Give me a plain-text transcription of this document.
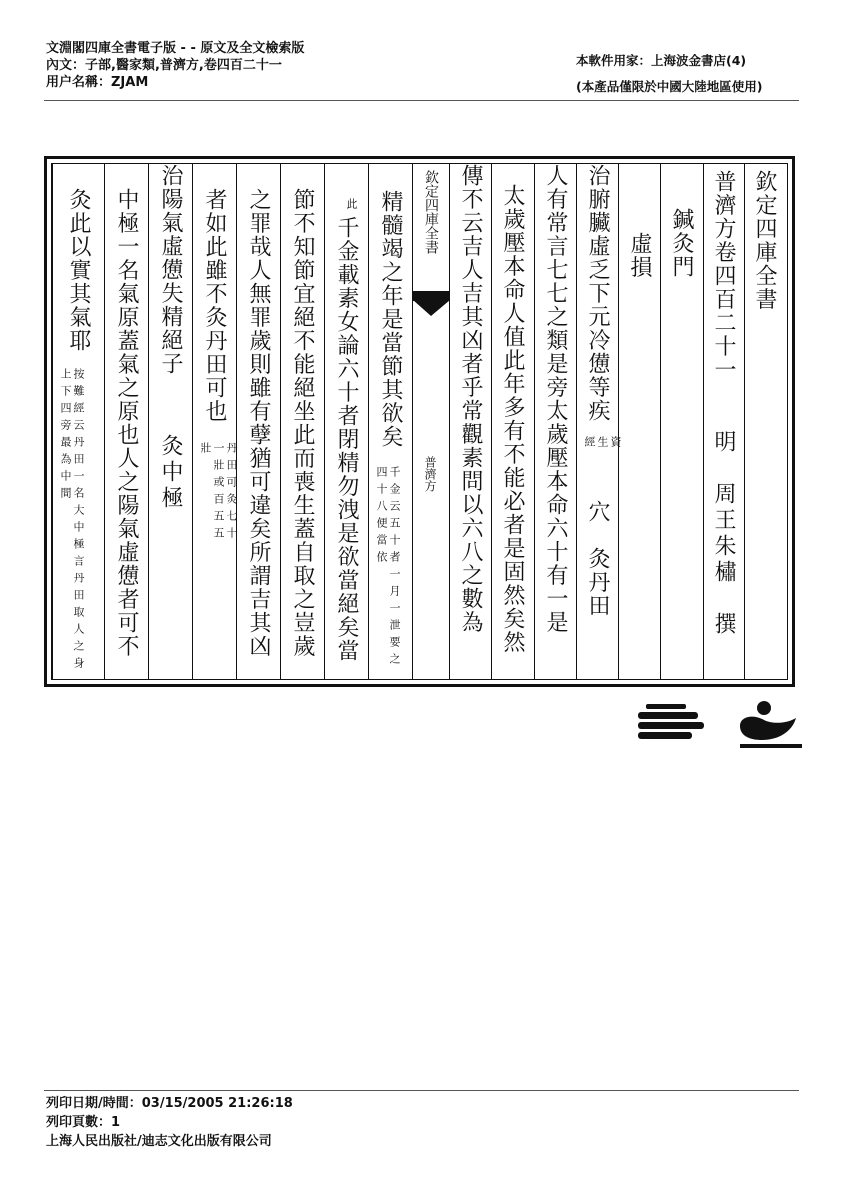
文淵閣四庫全書電子版 - - 原文及全文檢索版
內文：子部,醫家類,普濟方,卷四百二十一
用户名稱：ZJAM
本軟件用家：上海波金書店(4)
(本產品僅限於中國大陸地區使用)
欽定四庫全書
普濟方卷四百二十一
明　周王朱橚　撰
鍼灸門
虛損
治腑臟虛乏下元冷憊等疾
資生經
穴　灸丹田
人有常言七七之類是旁太歲壓本命六十有一是
太歲壓本命人值此年多有不能必者是固然矣然
傳不云吉人吉其凶者乎常觀素問以六八之數為
欽定四庫全書
普濟方
精髓竭之年是當節其欲矣
千金云五十者一月一泄要之四十八便當依
此
千金載素女論六十者閉精勿洩是欲當絕矣當
節不知節宜絕不能絕坐此而喪生蓋自取之豈歲
之罪哉人無罪歲則雖有孽猶可違矣所謂吉其凶
者如此雖不灸丹田可也
丹田可灸七十一壯或百五五壯
治陽氣虛憊失精絕子
灸中極
中極一名氣原蓋氣之原也人之陽氣虛憊者可不
灸此以實其氣耶
按難經云丹田一名大中極言丹田取人之身上下四旁最為中間
列印日期/時間：03/15/2005 21:26:18
列印頁數：1
上海人民出版社/迪志文化出版有限公司
